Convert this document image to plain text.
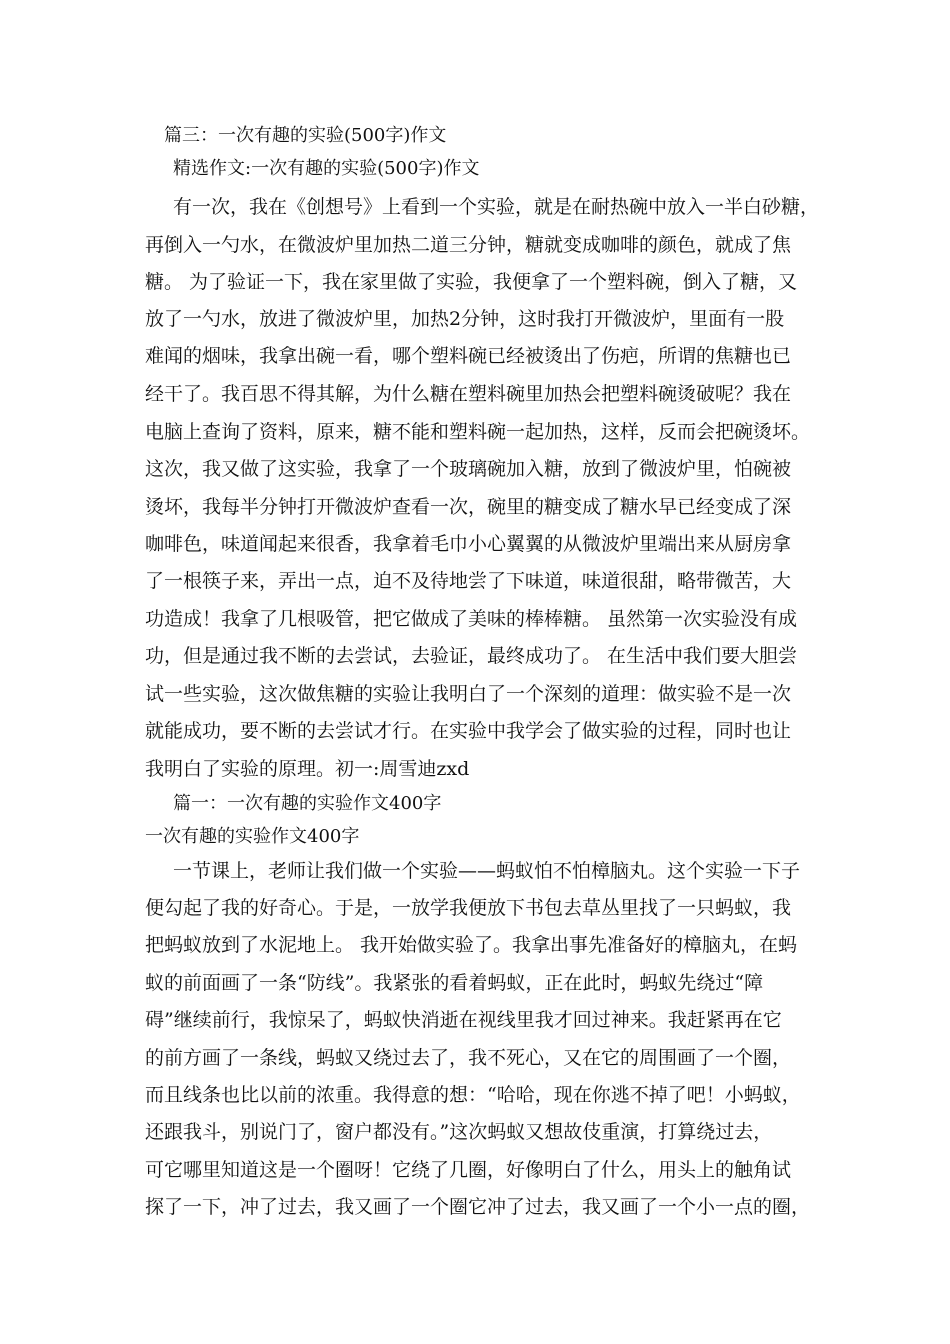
篇三：一次有趣的实验(500字)作文
精选作文:一次有趣的实验(500字)作文
有一次，我在《创想号》上看到一个实验，就是在耐热碗中放入一半白砂糖，
再倒入一勺水，在微波炉里加热二道三分钟，糖就变成咖啡的颜色，就成了焦
糖。 为了验证一下，我在家里做了实验，我便拿了一个塑料碗，倒入了糖，又
放了一勺水，放进了微波炉里，加热2分钟，这时我打开微波炉，里面有一股
难闻的烟味，我拿出碗一看，哪个塑料碗已经被烫出了伤疤，所谓的焦糖也已
经干了。我百思不得其解，为什么糖在塑料碗里加热会把塑料碗烫破呢？我在
电脑上查询了资料，原来，糖不能和塑料碗一起加热，这样，反而会把碗烫坏。
这次，我又做了这实验，我拿了一个玻璃碗加入糖，放到了微波炉里，怕碗被
烫坏，我每半分钟打开微波炉查看一次，碗里的糖变成了糖水早已经变成了深
咖啡色，味道闻起来很香，我拿着毛巾小心翼翼的从微波炉里端出来从厨房拿
了一根筷子来，弄出一点，迫不及待地尝了下味道，味道很甜，略带微苦，大
功造成！我拿了几根吸管，把它做成了美味的棒棒糖。 虽然第一次实验没有成
功，但是通过我不断的去尝试，去验证，最终成功了。 在生活中我们要大胆尝
试一些实验，这次做焦糖的实验让我明白了一个深刻的道理：做实验不是一次
就能成功，要不断的去尝试才行。在实验中我学会了做实验的过程，同时也让
我明白了实验的原理。初一:周雪迪zxd
篇一：一次有趣的实验作文400字
一次有趣的实验作文400字
一节课上，老师让我们做一个实验——蚂蚁怕不怕樟脑丸。这个实验一下子
便勾起了我的好奇心。于是，一放学我便放下书包去草丛里找了一只蚂蚁，我
把蚂蚁放到了水泥地上。 我开始做实验了。我拿出事先准备好的樟脑丸，在蚂
蚁的前面画了一条“防线”。我紧张的看着蚂蚁，正在此时，蚂蚁先绕过“障
碍”继续前行，我惊呆了，蚂蚁快消逝在视线里我才回过神来。我赶紧再在它
的前方画了一条线，蚂蚁又绕过去了，我不死心，又在它的周围画了一个圈，
而且线条也比以前的浓重。我得意的想：“哈哈，现在你逃不掉了吧！小蚂蚁，
还跟我斗，别说门了，窗户都没有。”这次蚂蚁又想故伎重演，打算绕过去，
可它哪里知道这是一个圈呀！它绕了几圈，好像明白了什么，用头上的触角试
探了一下，冲了过去，我又画了一个圈它冲了过去，我又画了一个小一点的圈，
